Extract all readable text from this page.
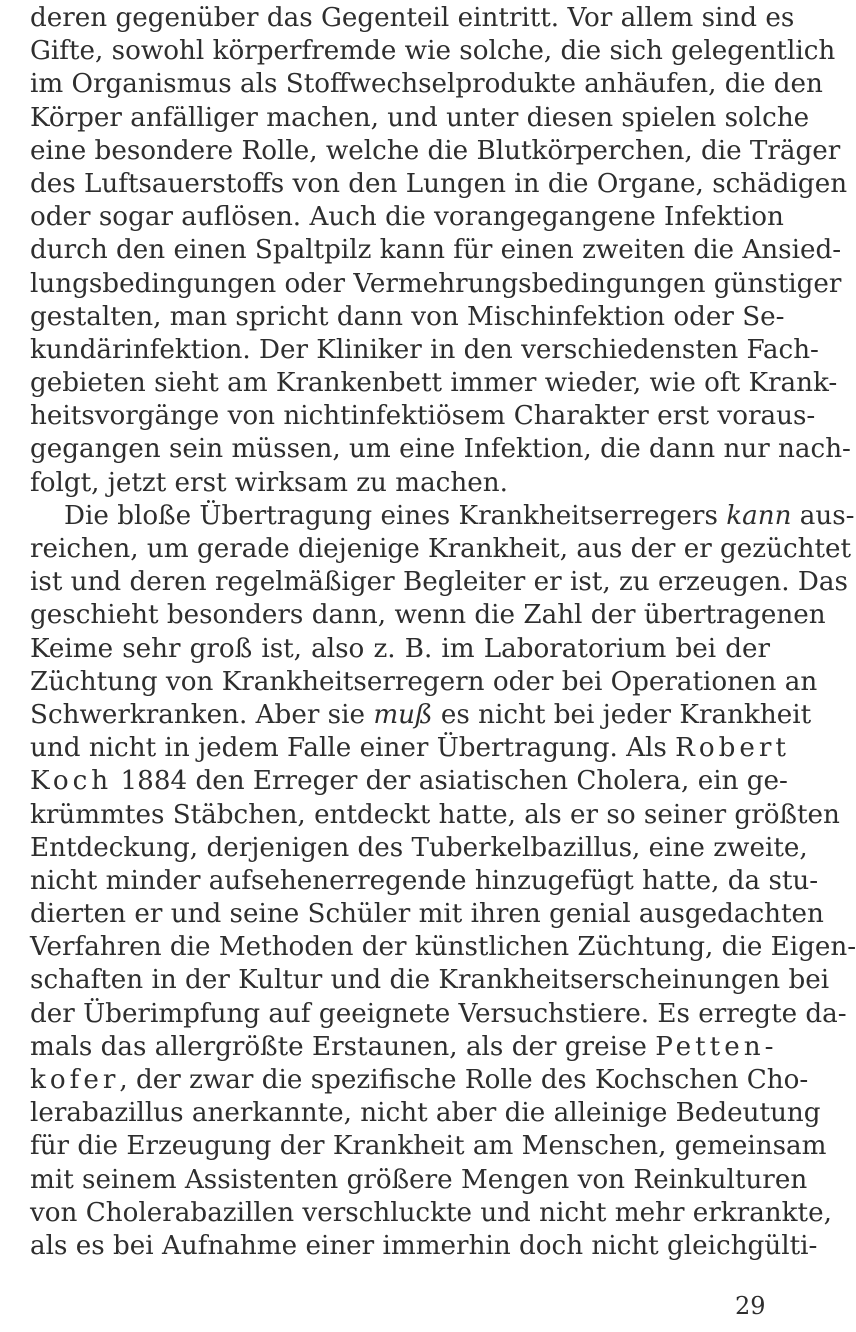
deren gegenüber das Gegenteil eintritt. Vor allem sind es
Gifte, sowohl körperfremde wie solche, die sich gelegentlich
im Organismus als Stoffwechselprodukte anhäufen, die den
Körper anfälliger machen, und unter diesen spielen solche
eine besondere Rolle, welche die Blutkörperchen, die Träger
des Luftsauerstoffs von den Lungen in die Organe, schädigen
oder sogar auflösen. Auch die vorangegangene Infektion
durch den einen Spaltpilz kann für einen zweiten die Ansied-
lungsbedingungen oder Vermehrungsbedingungen günstiger
gestalten, man spricht dann von Mischinfektion oder Se-
kundärinfektion. Der Kliniker in den verschiedensten Fach-
gebieten sieht am Krankenbett immer wieder, wie oft Krank-
heitsvorgänge von nichtinfektiösem Charakter erst voraus-
gegangen sein müssen, um eine Infektion, die dann nur nach-
folgt, jetzt erst wirksam zu machen.
Die bloße Übertragung eines Krankheitserregers kann aus-
reichen, um gerade diejenige Krankheit, aus der er gezüchtet
ist und deren regelmäßiger Begleiter er ist, zu erzeugen. Das
geschieht besonders dann, wenn die Zahl der übertragenen
Keime sehr groß ist, also z. B. im Laboratorium bei der
Züchtung von Krankheitserregern oder bei Operationen an
Schwerkranken. Aber sie muß es nicht bei jeder Krankheit
und nicht in jedem Falle einer Übertragung. Als Robert
Koch 1884 den Erreger der asiatischen Cholera, ein ge-
krümmtes Stäbchen, entdeckt hatte, als er so seiner größten
Entdeckung, derjenigen des Tuberkelbazillus, eine zweite,
nicht minder aufsehenerregende hinzugefügt hatte, da stu-
dierten er und seine Schüler mit ihren genial ausgedachten
Verfahren die Methoden der künstlichen Züchtung, die Eigen-
schaften in der Kultur und die Krankheitserscheinungen bei
der Überimpfung auf geeignete Versuchstiere. Es erregte da-
mals das allergrößte Erstaunen, als der greise Petten-
kofer, der zwar die spezifische Rolle des Kochschen Cho-
lerabazillus anerkannte, nicht aber die alleinige Bedeutung
für die Erzeugung der Krankheit am Menschen, gemeinsam
mit seinem Assistenten größere Mengen von Reinkulturen
von Cholerabazillen verschluckte und nicht mehr erkrankte,
als es bei Aufnahme einer immerhin doch nicht gleichgülti-
29
